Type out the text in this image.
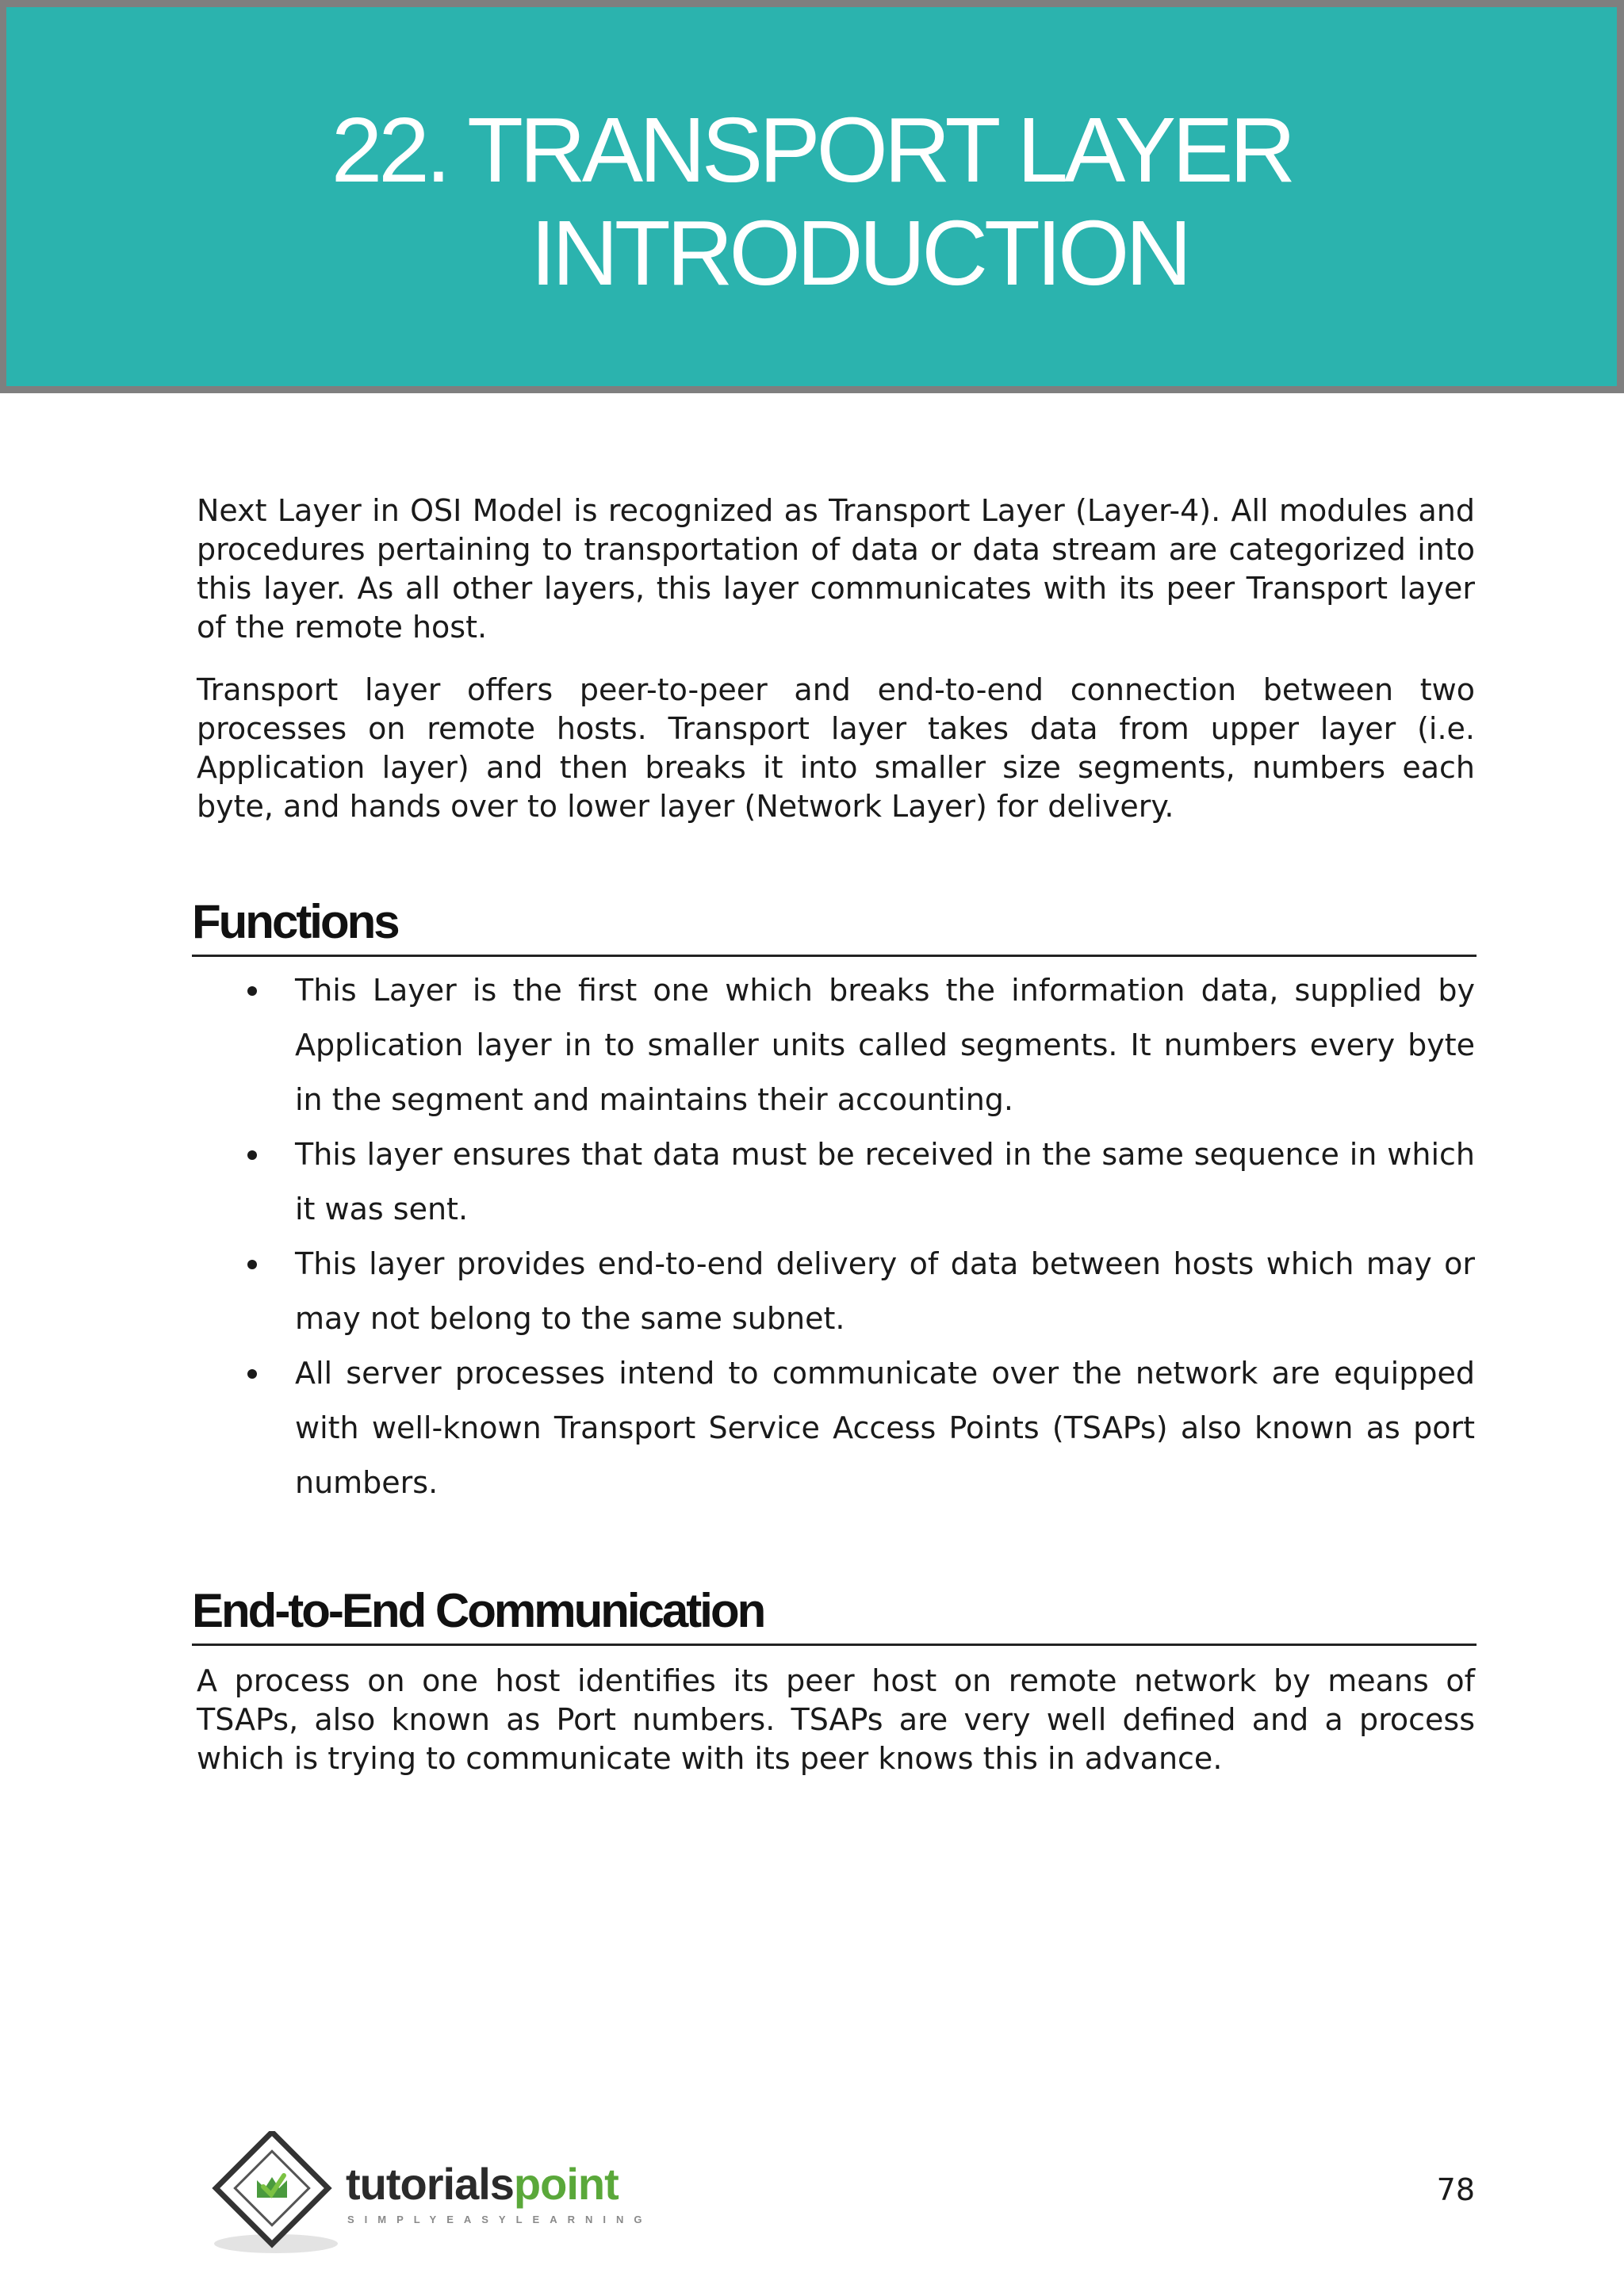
22. TRANSPORT LAYER
INTRODUCTION

Next Layer in OSI Model is recognized as Transport Layer (Layer-4). All modules and procedures pertaining to transportation of data or data stream are categorized into this layer. As all other layers, this layer communicates with its peer Transport layer of the remote host.

Transport layer offers peer-to-peer and end-to-end connection between two processes on remote hosts. Transport layer takes data from upper layer (i.e. Application layer) and then breaks it into smaller size segments, numbers each byte, and hands over to lower layer (Network Layer) for delivery.

Functions
This Layer is the first one which breaks the information data, supplied by Application layer in to smaller units called segments. It numbers every byte in the segment and maintains their accounting.
This layer ensures that data must be received in the same sequence in which it was sent.
This layer provides end-to-end delivery of data between hosts which may or may not belong to the same subnet.
All server processes intend to communicate over the network are equipped with well-known Transport Service Access Points (TSAPs) also known as port numbers.
End-to-End Communication

A process on one host identifies its peer host on remote network by means of TSAPs, also known as Port numbers. TSAPs are very well defined and a process which is trying to communicate with its peer knows this in advance.

tutorialspoint
SIMPLYEASYLEARNING
78
